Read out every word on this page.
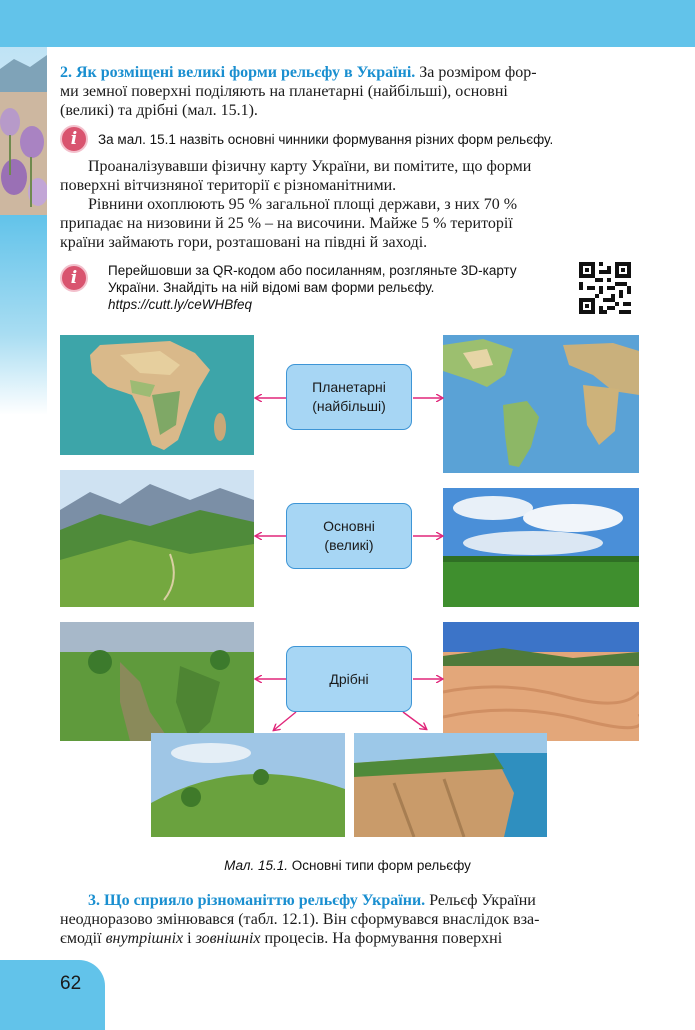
2. Як розміщені великі форми рельєфу в Україні. За розміром фор-
ми земної поверхні поділяють на планетарні (найбільші), основні
(великі) та дрібні (мал. 15.1).

i	За мал. 15.1 назвіть основні чинники формування різних форм рельєфу.

Проаналізувавши фізичну карту України, ви помітите, що форми
поверхні вітчизняної території є різноманітними.

Рівнини охоплюють 95 % загальної площі держави, з них 70 %
припадає на низовини й 25 % – на височини. Майже 5 % території
країни займають гори, розташовані на півдні й заході.

i	Перейшовши за QR-кодом або посиланням, розгляньте 3D-карту
України. Знайдіть на ній відомі вам форми рельєфу.
https://cutt.ly/ceWHBfeq
Планетарні
(найбільші)
Основні
(великі)
Дрібні
Мал. 15.1. Основні типи форм рельєфу

3. Що сприяло різноманіттю рельєфу України. Рельєф України
неодноразово змінювався (табл. 12.1). Він сформувався внаслідок вза-
ємодії внутрішніх і зовнішніх процесів. На формування поверхні

62
